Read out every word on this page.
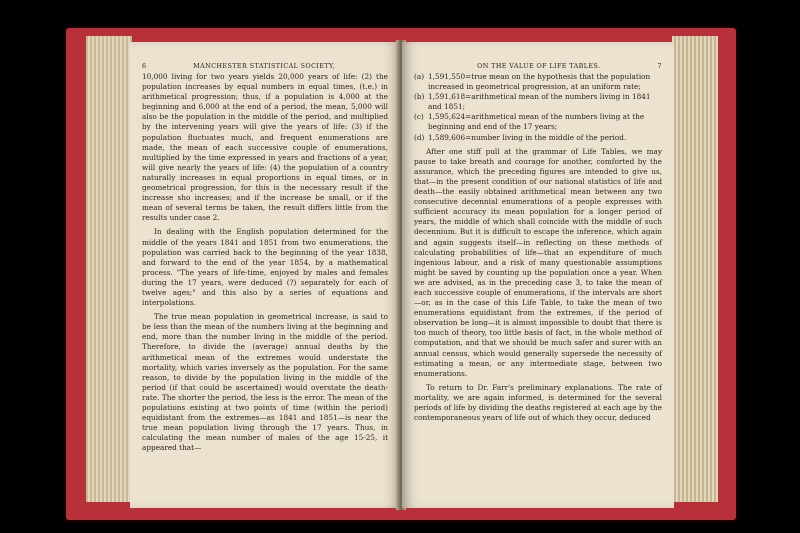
6	MANCHESTER STATISTICAL SOCIETY,

10,000 living for two years yields 20,000 years of life: (2) the population increases by equal numbers in equal times, (t.e.) in arithmetical progression; thus, if a population is 4,000 at the beginning and 6,000 at the end of a period, the mean, 5,000 will also be the population in the middle of the period, and multiplied by the intervening years will give the years of life: (3) if the population fluctuates much, and frequent enumerations are made, the mean of each successive couple of enumerations, multiplied by the time expressed in years and fractions of a year, will give nearly the years of life: (4) the population of a country naturally increases in equal proportions in equal times, or in geometrical progression, for this is the necessary result if the increase sho increases; and if the increase be small, or if the mean of several terms be taken, the result differs little from the results under case 2.

In dealing with the English population determined for the middle of the years 1841 and 1851 from two enumerations, the population was carried back to the beginning of the year 1838, and forward to the end of the year 1854, by a mathematical process. "The years of life-time, enjoyed by males and females during the 17 years, were deduced (?) separately for each of twelve ages;" and this also by a series of equations and interpolations.

The true mean population in geometrical increase, is said to be less than the mean of the numbers living at the beginning and end, more than the number living in the middle of the period. Therefore, to divide the (average) annual deaths by the arithmetical mean of the extremes would understate the mortality, which varies inversely as the population. For the same reason, to divide by the population living in the middle of the period (if that could be ascertained) would overstate the death-rate. The shorter the period, the less is the error. The mean of the populations existing at two points of time (within the period) equidistant from the extremes—as 1841 and 1851—is near the true mean population living through the 17 years. Thus, in calculating the mean number of males of the age 15-25, it appeared that—

ON THE VALUE OF LIFE TABLES.	7
(a) 1,591,550=true mean on the hypothesis that the population increased in geometrical progression, at an uniform rate;
(b) 1,591,618=arithmetical mean of the numbers living in 1841 and 1851;
(c) 1,595,624=arithmetical mean of the numbers living at the beginning and end of the 17 years;
(d) 1,589,606=number living in the middle of the period.

After one stiff pull at the grammar of Life Tables, we may pause to take breath and courage for another, comforted by the assurance, which the preceding figures are intended to give us, that—in the present condition of our national statistics of life and death—the easily obtained arithmetical mean between any two consecutive decennial enumerations of a people expresses with sufficient accuracy its mean population for a longer period of years, the middle of which shall coincide with the middle of such decennium. But it is difficult to escape the inference, which again and again suggests itself—in reflecting on these methods of calculating probabilities of life—that an expenditure of much ingenious labour, and a risk of many questionable assumptions might be saved by counting up the population once a year. When we are advised, as in the preceding case 3, to take the mean of each successive couple of enumerations, if the intervals are short—or, as in the case of this Life Table, to take the mean of two enumerations equidistant from the extremes, if the period of observation be long—it is almost impossible to doubt that there is too much of theory, too little basis of fact, in the whole method of computation, and that we should be much safer and surer with an annual census, which would generally supersede the necessity of estimating a mean, or any intermediate stage, between two enumerations.

To return to Dr. Farr's preliminary explanations. The rate of mortality, we are again informed, is determined for the several periods of life by dividing the deaths registered at each age by the contemporaneous years of life out of which they occur, deduced
